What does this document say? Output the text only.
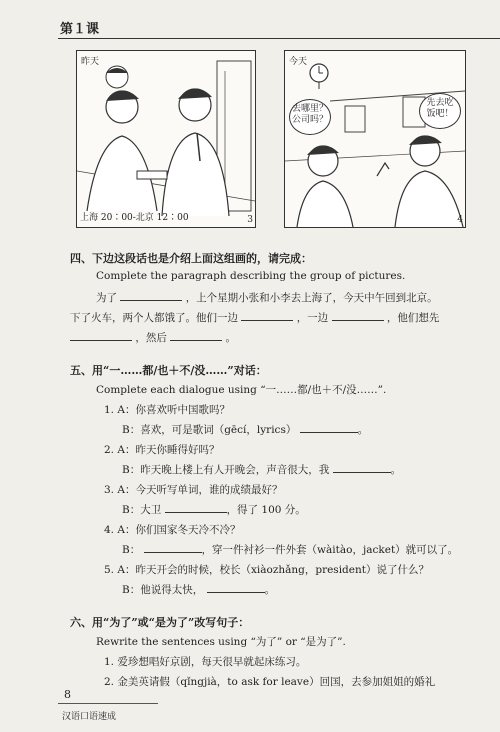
第１课
昨天
上海 20∶00-北京 12∶00	3
今天
去哪里？
公司吗？
先去吃
饭吧！
4
四、下边这段话也是介绍上面这组画的，请完成：
Complete the paragraph describing the group of pictures.
为了	，上个星期小张和小李去上海了，今天中午回到北京。
下了火车，两个人都饿了。他们一边	，一边	，他们想先
，然后	。
五、用“一……都/也＋不/没……”对话：
Complete each dialogue using “一……都/也＋不/没……”.
1. A：你喜欢听中国歌吗？
B：喜欢，可是歌词（gēcí，lyrics）	。
2. A：昨天你睡得好吗？
B：昨天晚上楼上有人开晚会，声音很大，我	。
3. A：今天听写单词，谁的成绩最好？
B：大卫	，得了 100 分。
4. A：你们国家冬天冷不冷？
B：	，穿一件衬衫一件外套（wàitào，jacket）就可以了。
5. A：昨天开会的时候，校长（xiàozhǎng，president）说了什么？
B：他说得太快，	。
六、用“为了”或“是为了”改写句子：
Rewrite the sentences using “为了” or “是为了”.
1. 爱珍想唱好京剧，每天很早就起床练习。
2. 金美英请假（qǐngjià，to ask for leave）回国，去参加姐姐的婚礼
8
汉语口语速成
